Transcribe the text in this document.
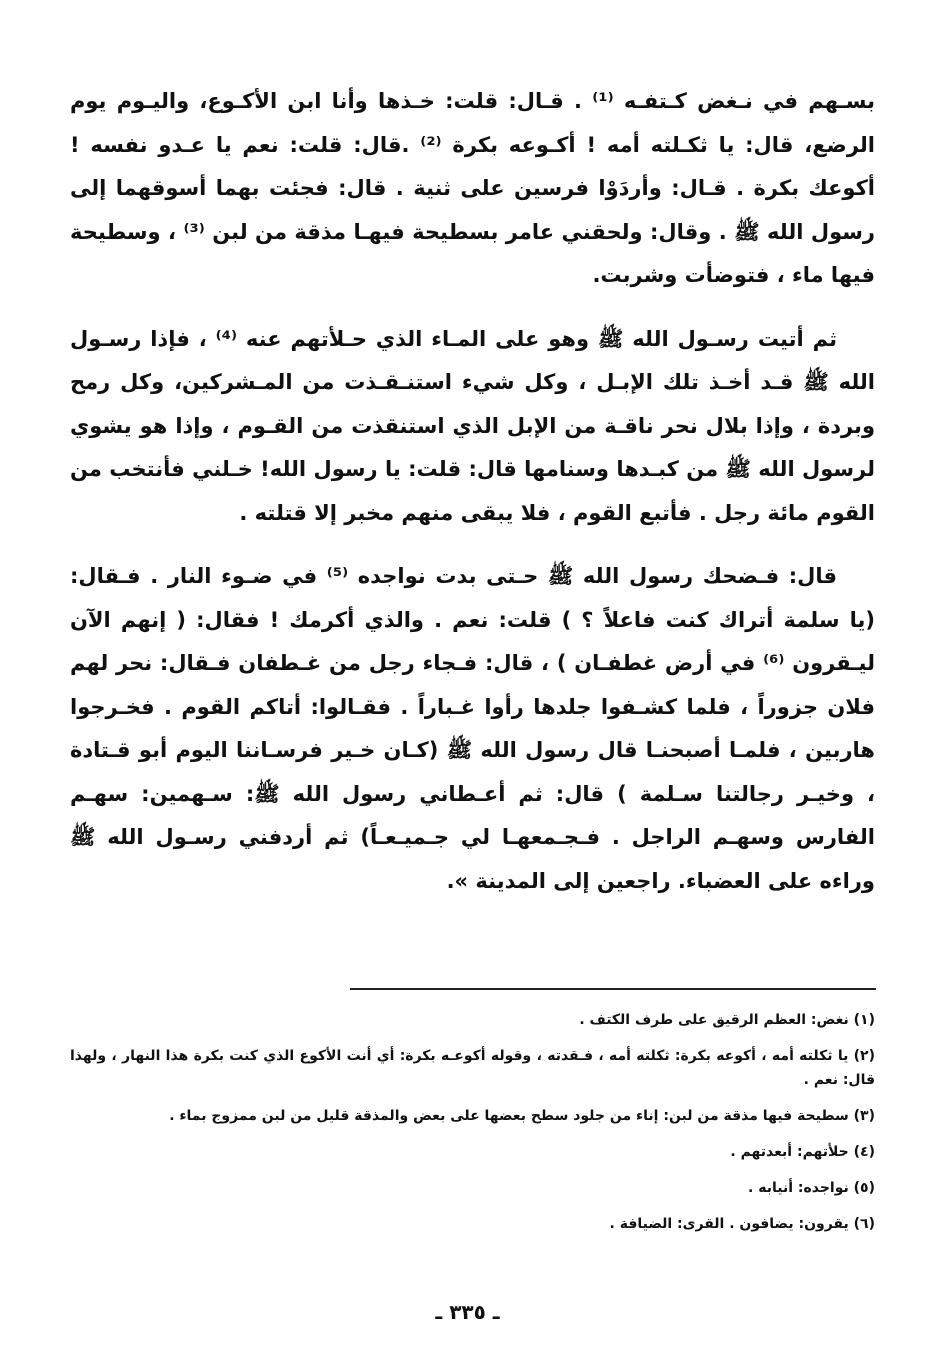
بسـهم في نـغض كـتفـه ⁽¹⁾ . قـال: قلت: خـذها وأنا ابن الأكـوع، واليـوم يوم الرضع، قال: يا ثكـلته أمه ! أكـوعه بكرة ⁽²⁾ .قال: قلت: نعم يا عـدو نفسه ! أكوعك بكرة . قـال: وأردَوْا فرسين على ثنية . قال: فجئت بهما أسوقهما إلى رسول الله ﷺ . وقال: ولحقني عامر بسطيحة فيهـا مذقة من لبن ⁽³⁾ ، وسطيحة فيها ماء ، فتوضأت وشربت.

ثم أتيت رسـول الله ﷺ وهو على المـاء الذي حـلأتهم عنه ⁽⁴⁾ ، فإذا رسـول الله ﷺ قـد أخـذ تلك الإبـل ، وكل شيء استنـقـذت من المـشركين، وكل رمح وبردة ، وإذا بلال نحر ناقـة من الإبل الذي استنقذت من القـوم ، وإذا هو يشوي لرسول الله ﷺ من كبـدها وسنامها قال: قلت: يا رسول الله! خـلني فأنتخب من القوم مائة رجل . فأتبع القوم ، فلا يبقى منهم مخبر إلا قتلته .

قال: فـضحك رسول الله ﷺ حـتى بدت نواجده ⁽⁵⁾ في ضـوء النار . فـقال: (يا سلمة أتراك كنت فاعلاً ؟ ) قلت: نعم . والذي أكرمك ! فقال: ( إنهم الآن ليـقرون ⁽⁶⁾ في أرض غطفـان ) ، قال: فـجاء رجل من غـطفان فـقال: نحر لهم فلان جزوراً ، فلما كشـفوا جلدها رأوا غـباراً . فقـالوا: أتاكم القوم . فخـرجوا هاربين ، فلمـا أصبحنـا قال رسول الله ﷺ (كـان خـير فرسـاننا اليوم أبو قـتادة ، وخيـر رجالتنا سـلمة ) قال: ثم أعـطاني رسول الله ﷺ: سـهمين: سهـم الفارس وسهـم الراجل . فـجـمعهـا لي جـميـعـاً) ثم أردفني رسـول الله ﷺ وراءه على العضباء. راجعين إلى المدينة ».

(١) نغض: العظم الرقيق على طرف الكتف .

(٢) يا ثكلته أمه ، أكوعه بكرة: ثكلته أمه ، فـقدته ، وقوله أكوعـه بكرة: أي أنت الأكوع الذي كنت بكرة هذا النهار ، ولهذا قال: نعم .

(٣) سطيحة فيها مذقة من لبن: إناء من جلود سطح بعضها على بعض والمذقة قليل من لبن ممزوج بماء .

(٤) حلأتهم: أبعدتهم .

(٥) نواجده: أنيابه .

(٦) يقرون: يضافون . القرى: الضيافة .

ـ ٣٣٥ ـ
